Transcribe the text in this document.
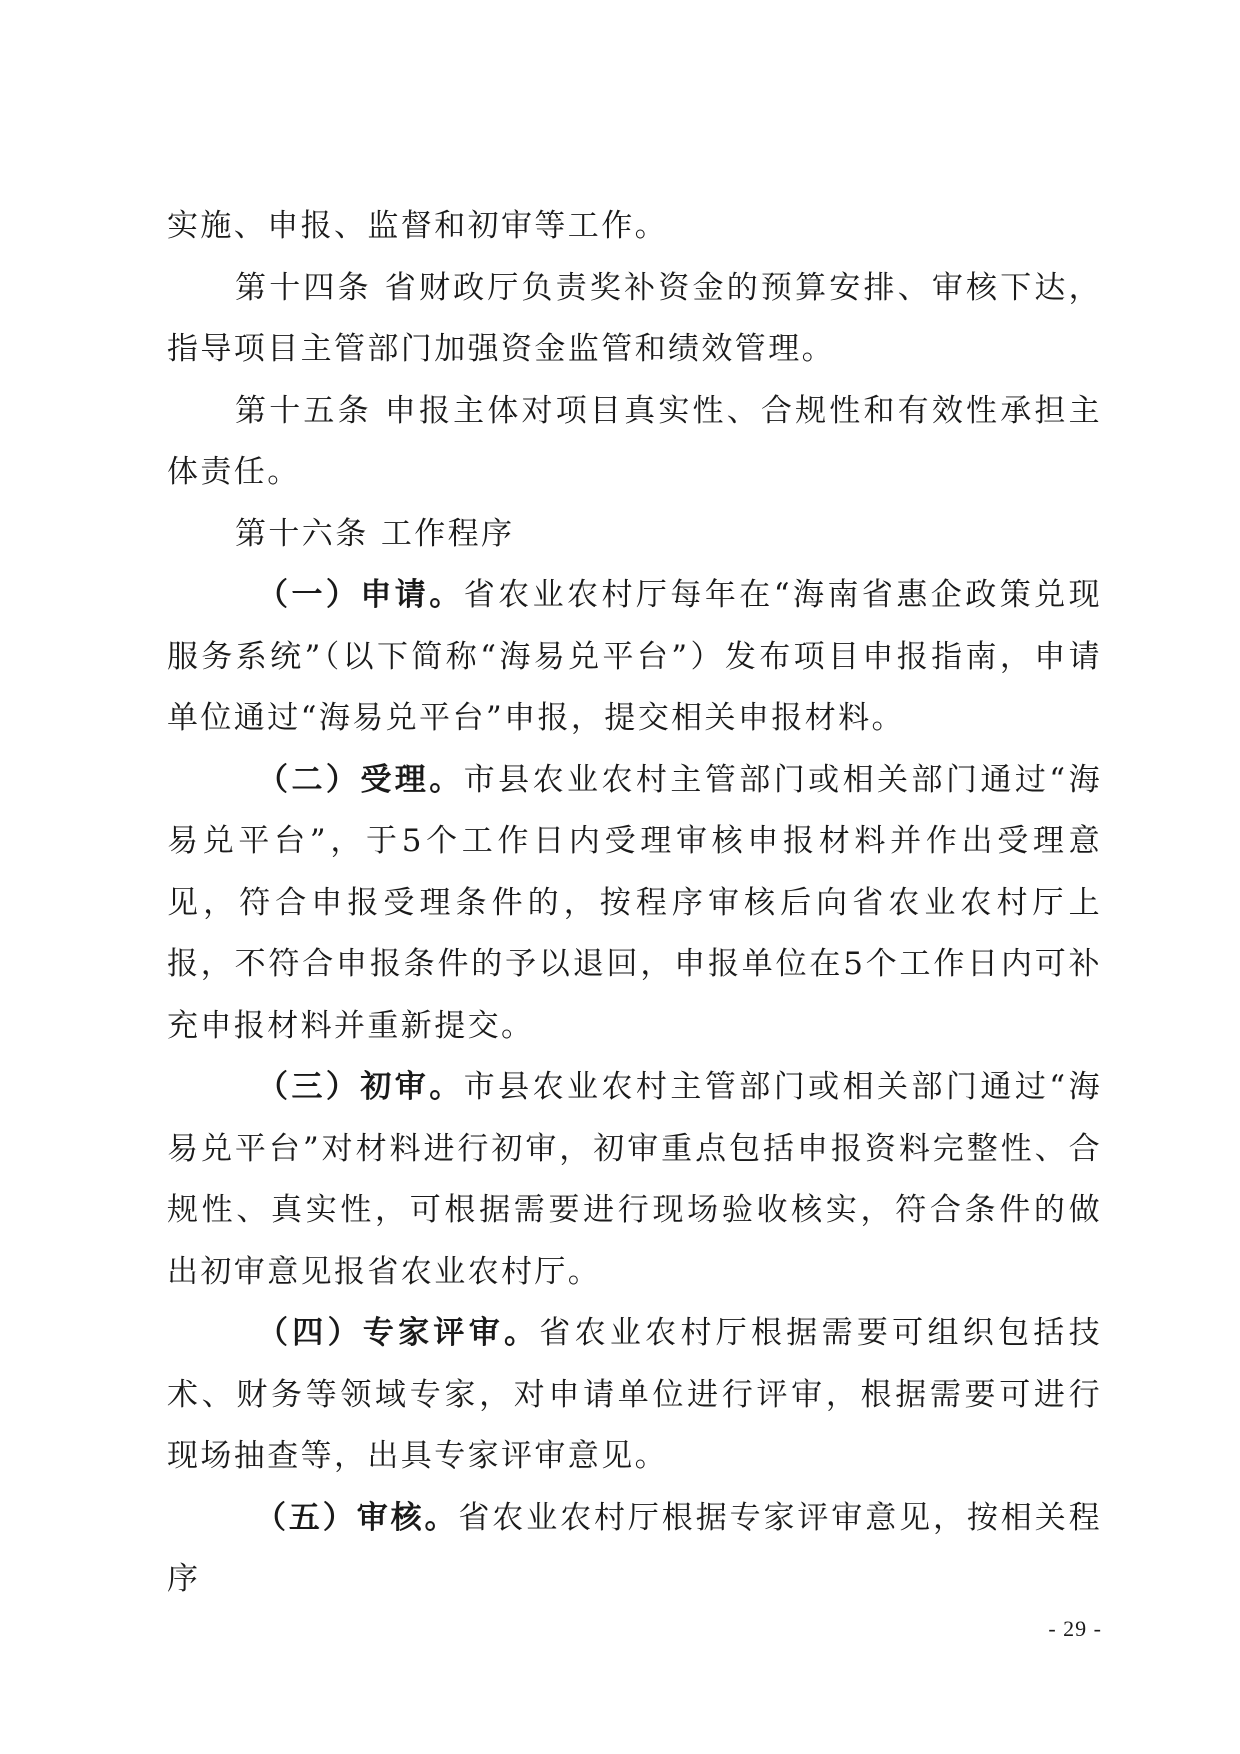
实施、申报、监督和初审等工作。

第十四条 省财政厅负责奖补资金的预算安排、审核下达，指导项目主管部门加强资金监管和绩效管理。

第十五条 申报主体对项目真实性、合规性和有效性承担主体责任。

第十六条 工作程序

（一）申请。省农业农村厅每年在“海南省惠企政策兑现服务系统”（以下简称“海易兑平台”）发布项目申报指南，申请单位通过“海易兑平台”申报，提交相关申报材料。

（二）受理。市县农业农村主管部门或相关部门通过“海易兑平台”，于5个工作日内受理审核申报材料并作出受理意见，符合申报受理条件的，按程序审核后向省农业农村厅上报，不符合申报条件的予以退回，申报单位在5个工作日内可补充申报材料并重新提交。

（三）初审。市县农业农村主管部门或相关部门通过“海易兑平台”对材料进行初审，初审重点包括申报资料完整性、合规性、真实性，可根据需要进行现场验收核实，符合条件的做出初审意见报省农业农村厅。

（四）专家评审。省农业农村厅根据需要可组织包括技术、财务等领域专家，对申请单位进行评审，根据需要可进行现场抽查等，出具专家评审意见。

（五）审核。省农业农村厅根据专家评审意见，按相关程序

- 29 -
